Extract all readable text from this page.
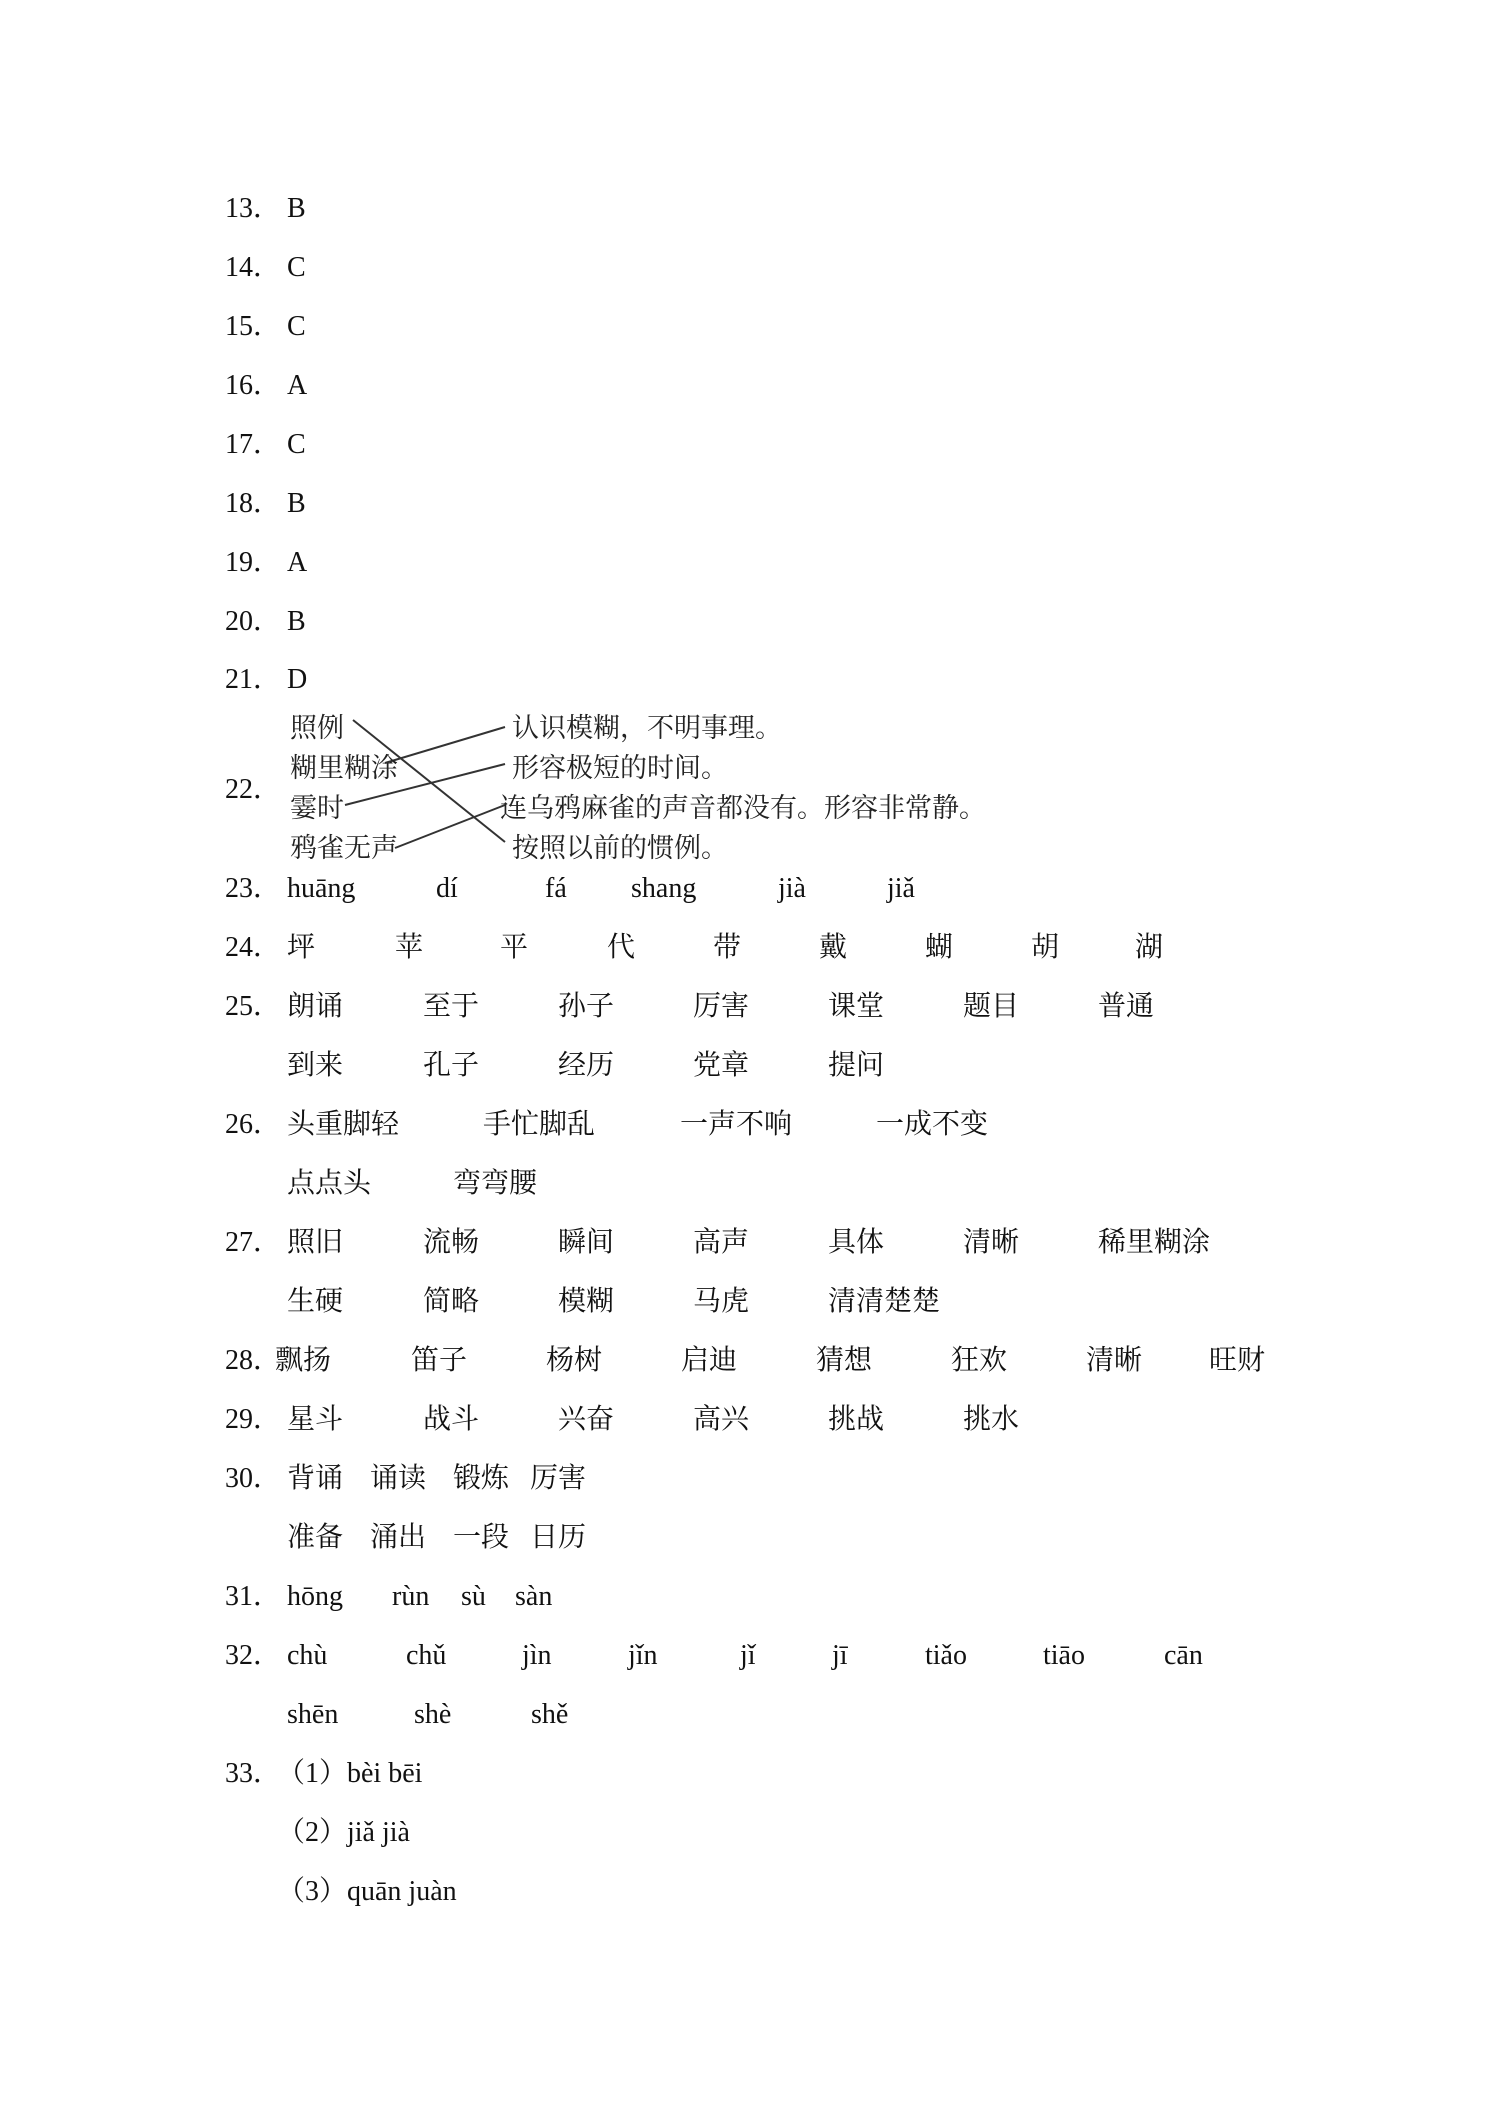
13． B
14． C
15． C
16． A
17． C
18． B
19． A
20． B
21． D
22．
照例
糊里糊涂
霎时
鸦雀无声
认识模糊，不明事理。
形容极短的时间。
连乌鸦麻雀的声音都没有。形容非常静。
按照以前的惯例。
23． huāng	dí	fá shang	jià	jiǎ
24． 坪	苹	平	代	带	戴	蝴	胡	湖
25． 朗诵	至于	孙子	厉害	课堂	题目	普通
到来	孔子	经历	党章	提问
26． 头重脚轻	手忙脚乱	一声不响	一成不变
点点头	弯弯腰
27． 照旧	流畅	瞬间	高声	具体	清晰	稀里糊涂
生硬	简略	模糊	马虎	清清楚楚
28．
飘扬	笛子	杨树	启迪	猜想	狂欢	清晰 旺财
29． 星斗	战斗	兴奋	高兴	挑战	挑水
30． 背诵 诵读 锻炼 厉害
准备 涌出 一段 日历
31． hōng rùn sù sàn
32． chù	chǔ	jìn	jǐn	jǐ	jī	tiǎo	tiāo	cān
shēn	shè	shě
33．
（1） bèi bēi
（2） jiǎ jià
（3） quān juàn
